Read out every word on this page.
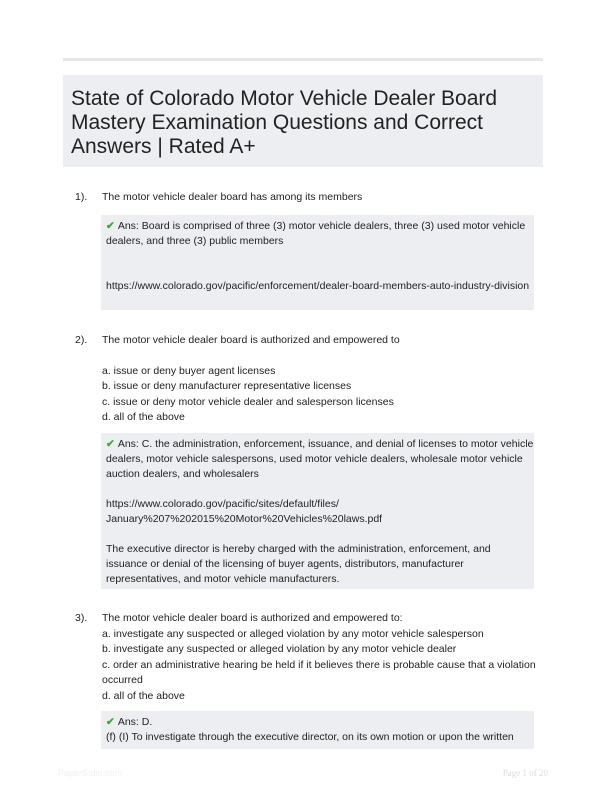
State of Colorado Motor Vehicle Dealer Board Mastery Examination Questions and Correct Answers | Rated A+
1). The motor vehicle dealer board has among its members

✔ Ans: Board is comprised of three (3) motor vehicle dealers, three (3) used motor vehicle dealers, and three (3) public members

https://www.colorado.gov/pacific/enforcement/dealer-board-members-auto-industry-division

2). The motor vehicle dealer board is authorized and empowered to
a. issue or deny buyer agent licenses
b. issue or deny manufacturer representative licenses
c. issue or deny motor vehicle dealer and salesperson licenses
d. all of the above

✔ Ans: C. the administration, enforcement, issuance, and denial of licenses to motor vehicle dealers, motor vehicle salespersons, used motor vehicle dealers, wholesale motor vehicle auction dealers, and wholesalers

https://www.colorado.gov/pacific/sites/default/files/

January%207%202015%20Motor%20Vehicles%20laws.pdf

The executive director is hereby charged with the administration, enforcement, and issuance or denial of the licensing of buyer agents, distributors, manufacturer representatives, and motor vehicle manufacturers.

3). The motor vehicle dealer board is authorized and empowered to:
a. investigate any suspected or alleged violation by any motor vehicle salesperson
b. investigate any suspected or alleged violation by any motor vehicle dealer
c. order an administrative hearing be held if it believes there is probable cause that a violation occurred
d. all of the above

✔ Ans: D.

(f) (I) To investigate through the executive director, on its own motion or upon the written

PaperStdio.com	Page 1 of 20
